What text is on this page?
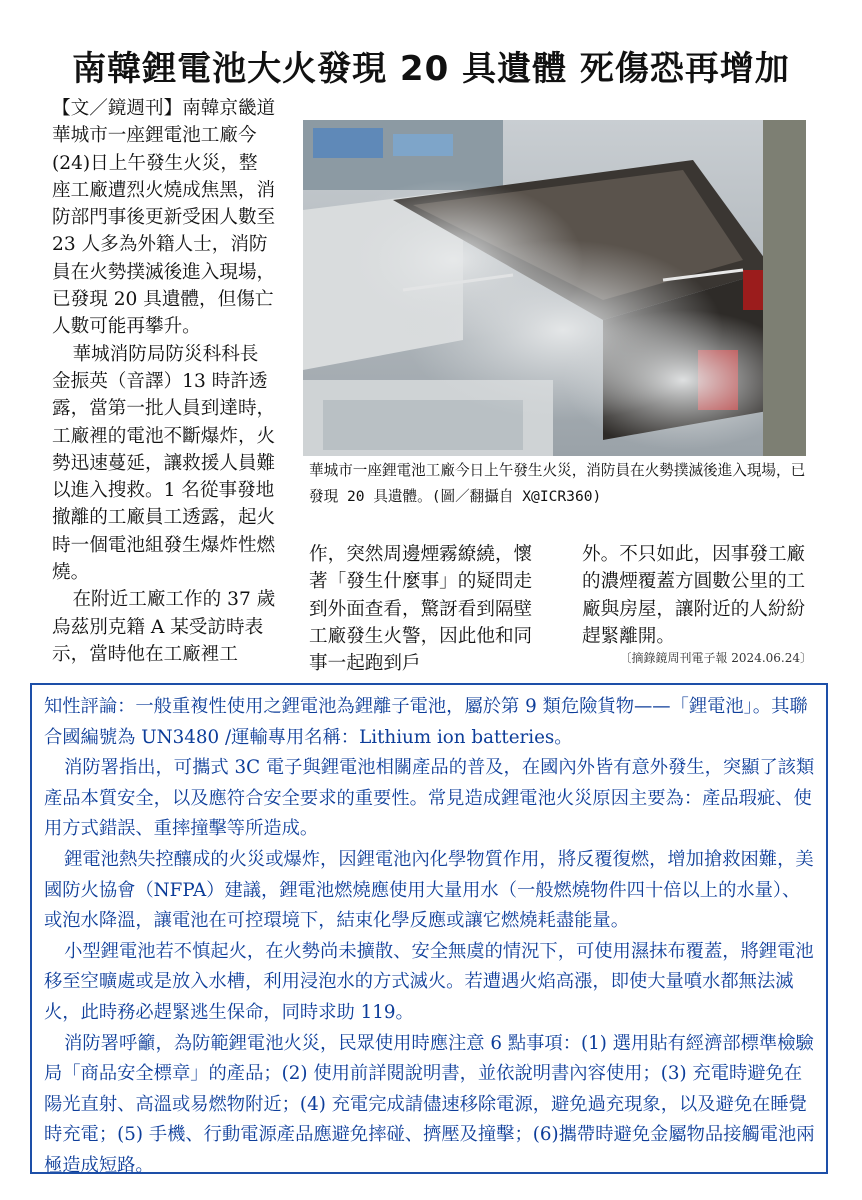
南韓鋰電池大火發現 20 具遺體 死傷恐再增加

【文／鏡週刊】南韓京畿道華城市一座鋰電池工廠今(24)日上午發生火災，整座工廠遭烈火燒成焦黑，消防部門事後更新受困人數至 23 人多為外籍人士，消防員在火勢撲滅後進入現場，已發現 20 具遺體，但傷亡人數可能再攀升。

華城消防局防災科科長金振英（音譯）13 時許透露，當第一批人員到達時，工廠裡的電池不斷爆炸，火勢迅速蔓延，讓救援人員難以進入搜救。1 名從事發地撤離的工廠員工透露，起火時一個電池組發生爆炸性燃燒。

在附近工廠工作的 37 歲烏茲別克籍 A 某受訪時表示，當時他在工廠裡工

華城市一座鋰電池工廠今日上午發生火災，消防員在火勢撲滅後進入現場，已發現 20 具遺體。(圖／翻攝自 X@ICR360)

作，突然周邊煙霧繚繞，懷著「發生什麼事」的疑問走到外面查看，驚訝看到隔壁工廠發生火警，因此他和同事一起跑到戶

外。不只如此，因事發工廠的濃煙覆蓋方圓數公里的工廠與房屋，讓附近的人紛紛趕緊離開。

〔摘錄鏡周刊電子報 2024.06.24〕

知性評論：一般重複性使用之鋰電池為鋰離子電池，屬於第 9 類危險貨物——「鋰電池」。其聯合國編號為 UN3480 /運輸專用名稱：Lithium ion batteries。

消防署指出，可攜式 3C 電子與鋰電池相關產品的普及，在國內外皆有意外發生，突顯了該類產品本質安全，以及應符合安全要求的重要性。常見造成鋰電池火災原因主要為：產品瑕疵、使用方式錯誤、重摔撞擊等所造成。

鋰電池熱失控釀成的火災或爆炸，因鋰電池內化學物質作用，將反覆復燃，增加搶救困難，美國防火協會（NFPA）建議，鋰電池燃燒應使用大量用水（一般燃燒物件四十倍以上的水量）、或泡水降溫，讓電池在可控環境下，結束化學反應或讓它燃燒耗盡能量。

小型鋰電池若不慎起火，在火勢尚未擴散、安全無虞的情況下，可使用濕抹布覆蓋，將鋰電池移至空曠處或是放入水槽，利用浸泡水的方式滅火。若遭遇火焰高漲，即使大量噴水都無法滅火，此時務必趕緊逃生保命，同時求助 119。

消防署呼籲，為防範鋰電池火災，民眾使用時應注意 6 點事項：(1) 選用貼有經濟部標準檢驗局「商品安全標章」的產品；(2) 使用前詳閱說明書，並依說明書內容使用；(3) 充電時避免在陽光直射、高溫或易燃物附近；(4) 充電完成請儘速移除電源，避免過充現象，以及避免在睡覺時充電；(5) 手機、行動電源產品應避免摔碰、擠壓及撞擊；(6)攜帶時避免金屬物品接觸電池兩極造成短路。
